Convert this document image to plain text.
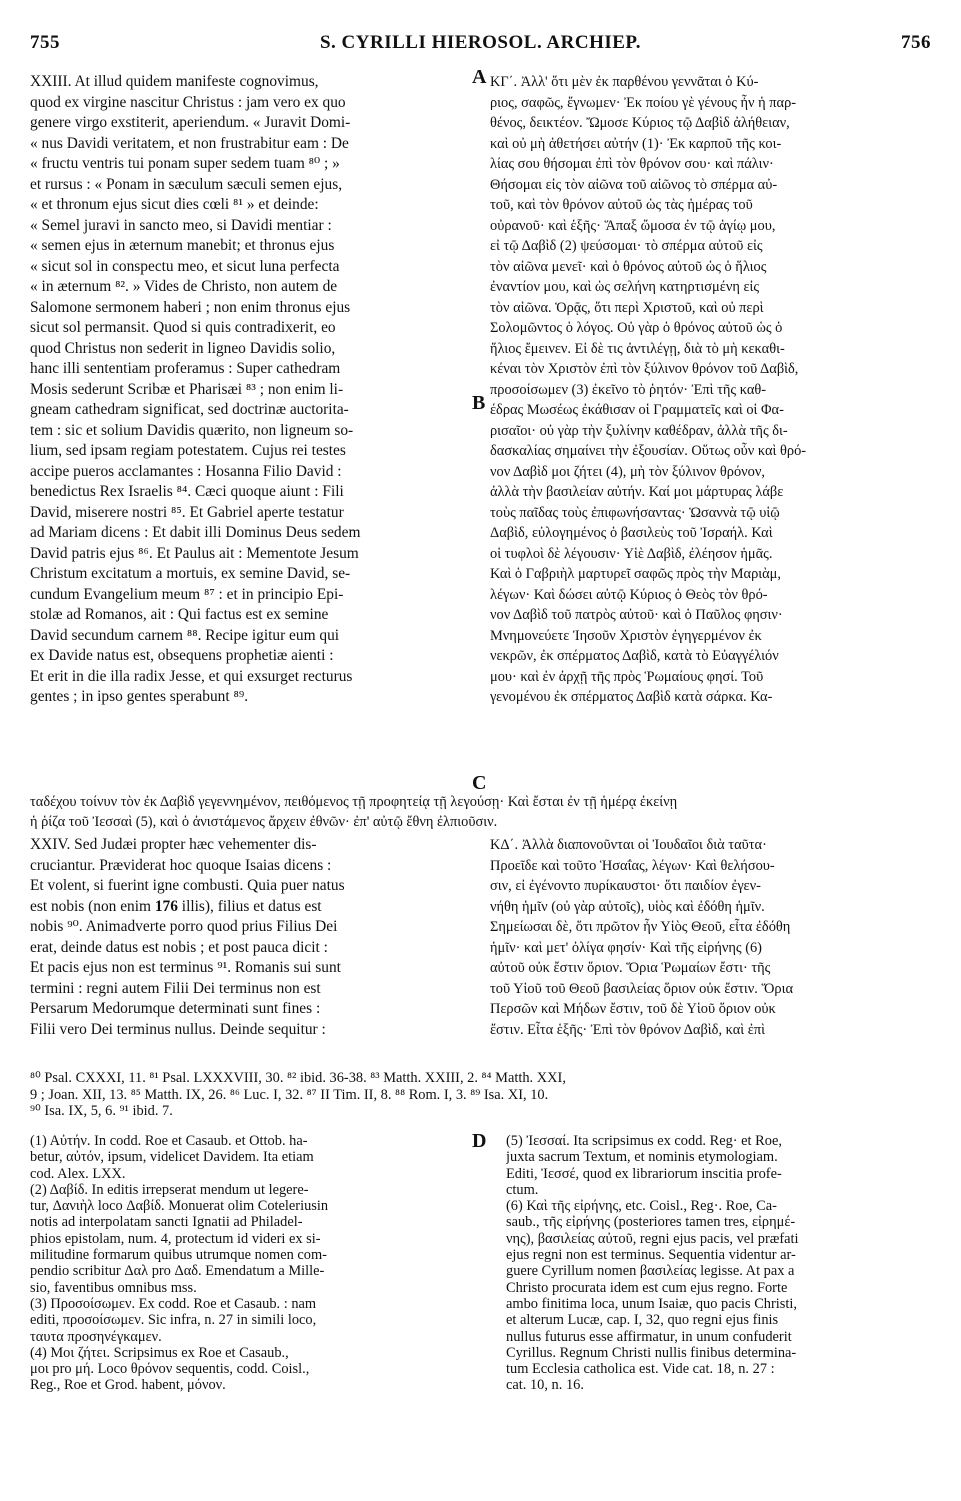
755	S. CYRILLI HIEROSOL. ARCHIEP.	756
A
B
C
D
XXIII. At illud quidem manifeste cognovimus,
quod ex virgine nascitur Christus : jam vero ex quo
genere virgo exstiterit, aperiendum. « Juravit Domi-
« nus Davidi veritatem, et non frustrabitur eam : De
« fructu ventris tui ponam super sedem tuam ⁸⁰ ; »
et rursus : « Ponam in sæculum sæculi semen ejus,
« et thronum ejus sicut dies cœli ⁸¹ » et deinde:
« Semel juravi in sancto meo, si Davidi mentiar :
« semen ejus in æternum manebit; et thronus ejus
« sicut sol in conspectu meo, et sicut luna perfecta
« in æternum ⁸². » Vides de Christo, non autem de
Salomone sermonem haberi ; non enim thronus ejus
sicut sol permansit. Quod si quis contradixerit, eo
quod Christus non sederit in ligneo Davidis solio,
hanc illi sententiam proferamus : Super cathedram
Mosis sederunt Scribæ et Pharisæi ⁸³ ; non enim li-
gneam cathedram significat, sed doctrinæ auctorita-
tem : sic et solium Davidis quærito, non ligneum so-
lium, sed ipsam regiam potestatem. Cujus rei testes
accipe pueros acclamantes : Hosanna Filio David :
benedictus Rex Israelis ⁸⁴. Cæci quoque aiunt : Fili
David, miserere nostri ⁸⁵. Et Gabriel aperte testatur
ad Mariam dicens : Et dabit illi Dominus Deus sedem
David patris ejus ⁸⁶. Et Paulus ait : Mementote Jesum
Christum excitatum a mortuis, ex semine David, se-
cundum Evangelium meum ⁸⁷ : et in principio Epi-
stolæ ad Romanos, ait : Qui factus est ex semine
David secundum carnem ⁸⁸. Recipe igitur eum qui
ex Davide natus est, obsequens prophetiæ aienti :
Et erit in die illa radix Jesse, et qui exsurget recturus
gentes ; in ipso gentes sperabunt ⁸⁹.
ΚΓ΄. Ἀλλ' ὅτι μὲν ἐκ παρθένου γεννᾶται ὁ Κύ-
ριος, σαφῶς, ἔγνωμεν· Ἐκ ποίου γὲ γένους ἦν ἡ παρ-
θένος, δεικτέον. Ὤμοσε Κύριος τῷ Δαβὶδ ἀλήθειαν,
καὶ οὐ μὴ ἀθετήσει αὐτήν (1)· Ἐκ καρποῦ τῆς κοι-
λίας σου θήσομαι ἐπὶ τὸν θρόνον σου· καὶ πάλιν·
Θήσομαι εἰς τὸν αἰῶνα τοῦ αἰῶνος τὸ σπέρμα αὐ-
τοῦ, καὶ τὸν θρόνον αὐτοῦ ὡς τὰς ἡμέρας τοῦ
οὐρανοῦ· καὶ ἑξῆς· Ἅπαξ ὤμοσα ἐν τῷ ἁγίῳ μου,
εἰ τῷ Δαβὶδ (2) ψεύσομαι· τὸ σπέρμα αὐτοῦ εἰς
τὸν αἰῶνα μενεῖ· καὶ ὁ θρόνος αὐτοῦ ὡς ὁ ἥλιος
ἐναντίον μου, καὶ ὡς σελήνη κατηρτισμένη εἰς
τὸν αἰῶνα. Ὁρᾷς, ὅτι περὶ Χριστοῦ, καὶ οὐ περὶ
Σολομῶντος ὁ λόγος. Οὐ γὰρ ὁ θρόνος αὐτοῦ ὡς ὁ
ἥλιος ἔμεινεν. Εἰ δὲ τις ἀντιλέγῃ, διὰ τὸ μὴ κεκαθι-
κέναι τὸν Χριστὸν ἐπὶ τὸν ξύλινον θρόνον τοῦ Δαβὶδ,
προσοίσωμεν (3) ἐκεῖνο τὸ ῥητόν· Ἐπὶ τῆς καθ-
έδρας Μωσέως ἐκάθισαν οἱ Γραμματεῖς καὶ οἱ Φα-
ρισαῖοι· οὐ γὰρ τὴν ξυλίνην καθέδραν, ἀλλὰ τῆς δι-
δασκαλίας σημαίνει τὴν ἐξουσίαν. Οὕτως οὖν καὶ θρό-
νον Δαβὶδ μοι ζήτει (4), μὴ τὸν ξύλινον θρόνον,
ἀλλὰ τὴν βασιλείαν αὐτήν. Καί μοι μάρτυρας λάβε
τοὺς παῖδας τοὺς ἐπιφωνήσαντας· Ὡσαννὰ τῷ υἱῷ
Δαβὶδ, εὐλογημένος ὁ βασιλεὺς τοῦ Ἰσραήλ. Καὶ
οἱ τυφλοὶ δὲ λέγουσιν· Υἱὲ Δαβὶδ, ἐλέησον ἡμᾶς.
Καὶ ὁ Γαβριὴλ μαρτυρεῖ σαφῶς πρὸς τὴν Μαριὰμ,
λέγων· Καὶ δώσει αὐτῷ Κύριος ὁ Θεὸς τὸν θρό-
νον Δαβὶδ τοῦ πατρὸς αὐτοῦ· καὶ ὁ Παῦλος φησιν·
Μνημονεύετε Ἰησοῦν Χριστὸν ἐγηγερμένον ἐκ
νεκρῶν, ἐκ σπέρματος Δαβὶδ, κατὰ τὸ Εὐαγγέλιόν
μου· καὶ ἐν ἀρχῇ τῆς πρὸς Ῥωμαίους φησί. Τοῦ
γενομένου ἐκ σπέρματος Δαβὶδ κατὰ σάρκα. Κα-
ταδέχου τοίνυν τὸν ἐκ Δαβὶδ γεγεννημένον, πειθόμενος τῇ προφητείᾳ τῇ λεγούσῃ· Καὶ ἔσται ἐν τῇ ἡμέρᾳ ἐκείνῃ
ἡ ῥίζα τοῦ Ἰεσσαὶ (5), καὶ ὁ ἀνιστάμενος ἄρχειν ἐθνῶν· ἐπ' αὐτῷ ἔθνη ἐλπιοῦσιν.
XXIV. Sed Judæi propter hæc vehementer dis-
cruciantur. Præviderat hoc quoque Isaias dicens :
Et volent, si fuerint igne combusti. Quia puer natus
est nobis (non enim 176 illis), filius et datus est
nobis ⁹⁰. Animadverte porro quod prius Filius Dei
erat, deinde datus est nobis ; et post pauca dicit :
Et pacis ejus non est terminus ⁹¹. Romanis sui sunt
termini : regni autem Filii Dei terminus non est
Persarum Medorumque determinati sunt fines :
Filii vero Dei terminus nullus. Deinde sequitur :
ΚΔ΄. Ἀλλὰ διαπονοῦνται οἱ Ἰουδαῖοι διὰ ταῦτα·
Προεῖδε καὶ τοῦτο Ἡσαΐας, λέγων· Καὶ θελήσου-
σιν, εἰ ἐγένοντο πυρίκαυστοι· ὅτι παιδίον ἐγεν-
νήθη ἡμῖν (οὐ γὰρ αὐτοῖς), υἱὸς καὶ ἐδόθη ἡμῖν.
Σημείωσαι δὲ, ὅτι πρῶτον ἦν Υἱὸς Θεοῦ, εἶτα ἐδόθη
ἡμῖν· καὶ μετ' ὀλίγα φησίν· Καὶ τῆς εἰρήνης (6)
αὐτοῦ οὐκ ἔστιν ὅριον. Ὅρια Ῥωμαίων ἔστι· τῆς
τοῦ Υἱοῦ τοῦ Θεοῦ βασιλείας ὅριον οὐκ ἔστιν. Ὅρια
Περσῶν καὶ Μήδων ἔστιν, τοῦ δὲ Υἱοῦ ὅριον οὐκ
ἔστιν. Εἶτα ἑξῆς· Ἐπὶ τὸν θρόνον Δαβὶδ, καὶ ἐπὶ
⁸⁰ Psal. CXXXI, 11. ⁸¹ Psal. LXXXVIII, 30. ⁸² ibid. 36-38. ⁸³ Matth. XXIII, 2. ⁸⁴ Matth. XXI,
9 ; Joan. XII, 13. ⁸⁵ Matth. IX, 26. ⁸⁶ Luc. I, 32. ⁸⁷ II Tim. II, 8. ⁸⁸ Rom. I, 3. ⁸⁹ Isa. XI, 10.
⁹⁰ Isa. IX, 5, 6. ⁹¹ ibid. 7.
(1) Αὐτήν. In codd. Roe et Casaub. et Ottob. ha-
betur, αὐτόν, ipsum, videlicet Davidem. Ita etiam
cod. Alex. LXX.
(2) Δαβίδ. In editis irrepserat mendum ut legere-
tur, Δανιὴλ loco Δαβίδ. Monuerat olim Coteleriusin
notis ad interpolatam sancti Ignatii ad Philadel-
phios epistolam, num. 4, protectum id videri ex si-
militudine formarum quibus utrumque nomen com-
pendio scribitur Δαλ pro Δαδ. Emendatum a Mille-
sio, faventibus omnibus mss.
(3) Προσοίσωμεν. Ex codd. Roe et Casaub. : nam
editi, προσοίσωμεν. Sic infra, n. 27 in simili loco,
ταυτα προσηνέγκαμεν.
(4) Μοι ζήτει. Scripsimus ex Roe et Casaub.,
μοι pro μή. Loco θρόνον sequentis, codd. Coisl.,
Reg., Roe et Grod. habent, μόνον.
(5) Ἰεσσαί. Ita scripsimus ex codd. Reg· et Roe,
juxta sacrum Textum, et nominis etymologiam.
Editi, Ἰεσσέ, quod ex librariorum inscitia profe-
ctum.
(6) Καὶ τῆς εἰρήνης, etc. Coisl., Reg·. Roe, Ca-
saub., τῆς εἰρήνης (posteriores tamen tres, εἰρημέ-
νης), βασιλείας αὐτοῦ, regni ejus pacis, vel præfati
ejus regni non est terminus. Sequentia videntur ar-
guere Cyrillum nomen βασιλείας legisse. At pax a
Christo procurata idem est cum ejus regno. Forte
ambo finitima loca, unum Isaiæ, quo pacis Christi,
et alterum Lucæ, cap. I, 32, quo regni ejus finis
nullus futurus esse affirmatur, in unum confuderit
Cyrillus. Regnum Christi nullis finibus determina-
tum Ecclesia catholica est. Vide cat. 18, n. 27 :
cat. 10, n. 16.
